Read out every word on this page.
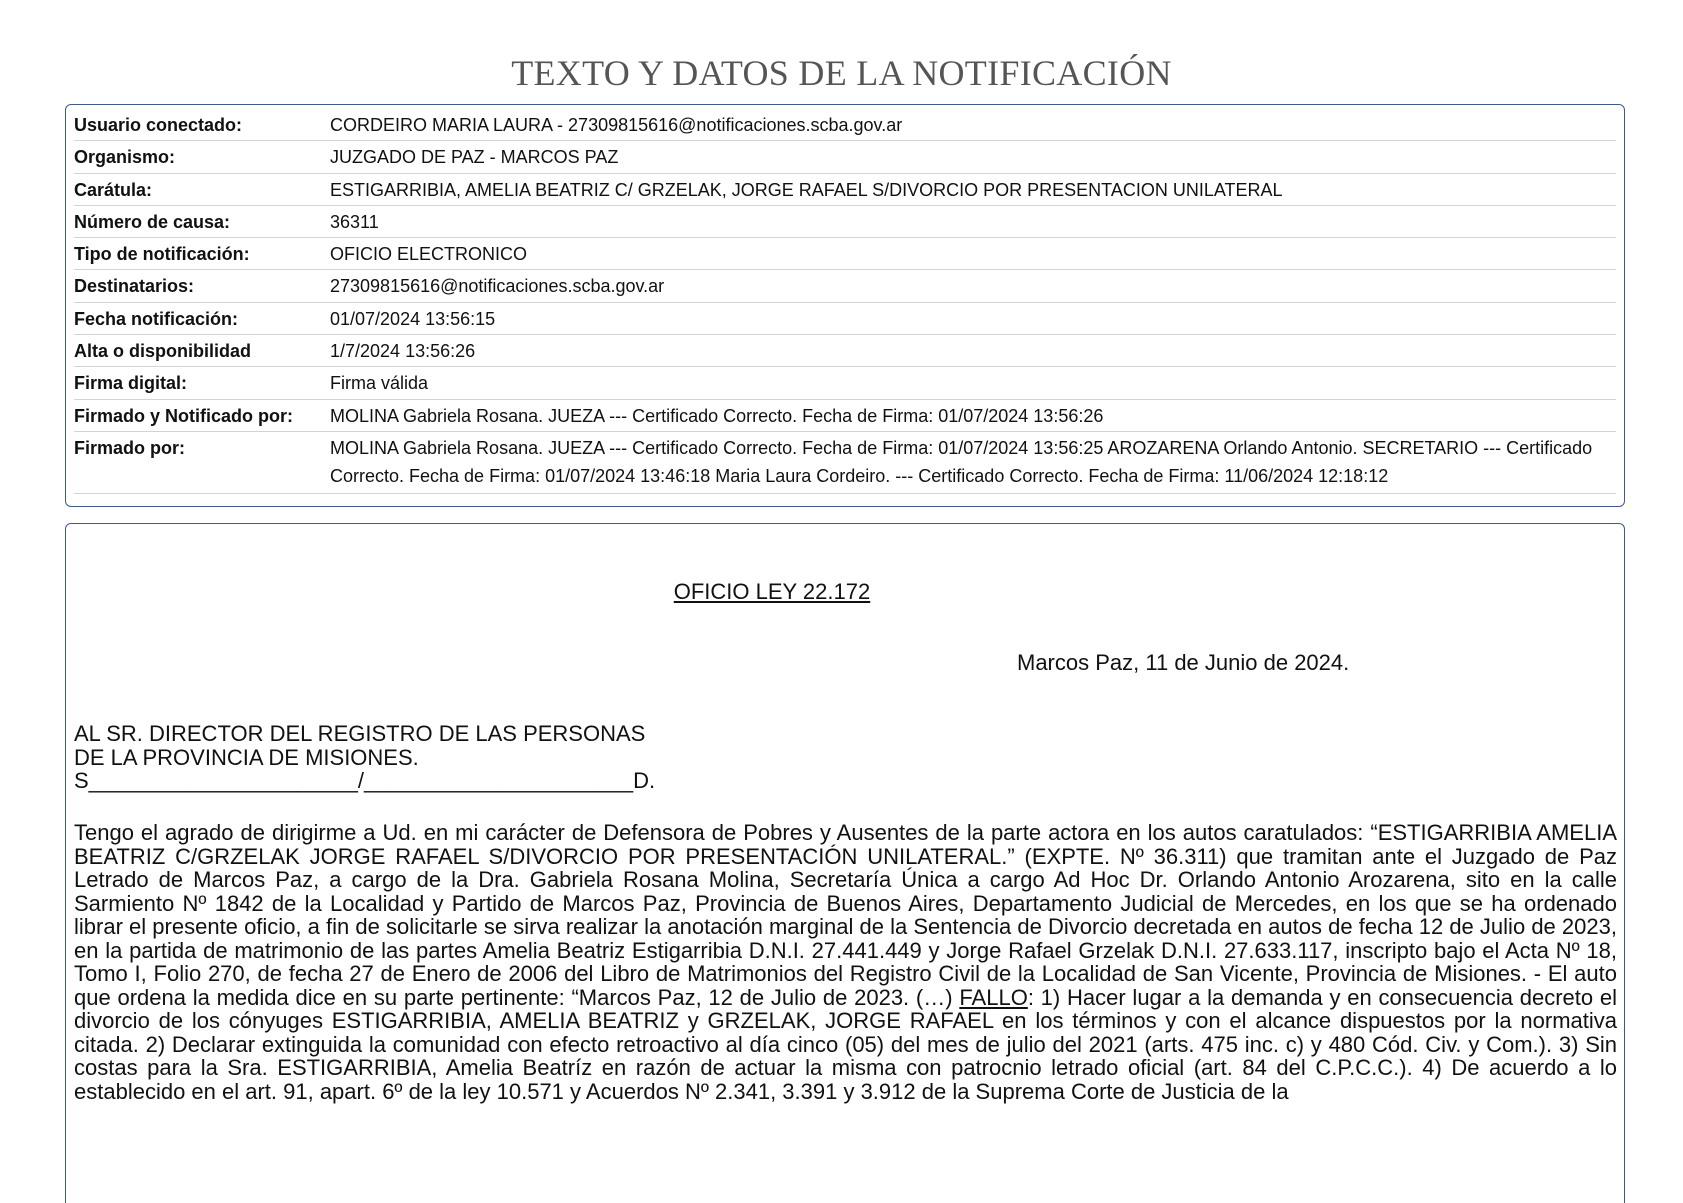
TEXTO Y DATOS DE LA NOTIFICACIÓN
Usuario conectado:	CORDEIRO MARIA LAURA - 27309815616@notificaciones.scba.gov.ar
Organismo:	JUZGADO DE PAZ - MARCOS PAZ
Carátula:	ESTIGARRIBIA, AMELIA BEATRIZ C/ GRZELAK, JORGE RAFAEL S/DIVORCIO POR PRESENTACION UNILATERAL
Número de causa:	36311
Tipo de notificación:	OFICIO ELECTRONICO
Destinatarios:	27309815616@notificaciones.scba.gov.ar
Fecha notificación:	01/07/2024 13:56:15
Alta o disponibilidad	1/7/2024 13:56:26
Firma digital:	Firma válida
Firmado y Notificado por:	MOLINA Gabriela Rosana. JUEZA --- Certificado Correcto. Fecha de Firma: 01/07/2024 13:56:26
Firmado por:	MOLINA Gabriela Rosana. JUEZA --- Certificado Correcto. Fecha de Firma: 01/07/2024 13:56:25 AROZARENA Orlando Antonio. SECRETARIO --- Certificado Correcto. Fecha de Firma: 01/07/2024 13:46:18 Maria Laura Cordeiro. --- Certificado Correcto. Fecha de Firma: 11/06/2024 12:18:12
OFICIO LEY 22.172
Marcos Paz, 11 de Junio de 2024.
AL SR. DIRECTOR DEL REGISTRO DE LAS PERSONAS
DE LA PROVINCIA DE MISIONES.
S______________________/______________________D.
Tengo el agrado de dirigirme a Ud. en mi carácter de Defensora de Pobres y Ausentes de la parte actora en los autos caratulados: “ESTIGARRIBIA AMELIA BEATRIZ C/GRZELAK JORGE RAFAEL S/DIVORCIO POR PRESENTACIÓN UNILATERAL.” (EXPTE. Nº 36.311) que tramitan ante el Juzgado de Paz Letrado de Marcos Paz, a cargo de la Dra. Gabriela Rosana Molina, Secretaría Única a cargo Ad Hoc Dr. Orlando Antonio Arozarena, sito en la calle Sarmiento Nº 1842 de la Localidad y Partido de Marcos Paz, Provincia de Buenos Aires, Departamento Judicial de Mercedes, en los que se ha ordenado librar el presente oficio, a fin de solicitarle se sirva realizar la anotación marginal de la Sentencia de Divorcio decretada en autos de fecha 12 de Julio de 2023, en la partida de matrimonio de las partes Amelia Beatriz Estigarribia D.N.I. 27.441.449 y Jorge Rafael Grzelak D.N.I. 27.633.117, inscripto bajo el Acta Nº 18, Tomo I, Folio 270, de fecha 27 de Enero de 2006 del Libro de Matrimonios del Registro Civil de la Localidad de San Vicente, Provincia de Misiones. - El auto que ordena la medida dice en su parte pertinente: “Marcos Paz, 12 de Julio de 2023. (…) FALLO: 1) Hacer lugar a la demanda y en consecuencia decreto el divorcio de los cónyuges ESTIGARRIBIA, AMELIA BEATRIZ y GRZELAK, JORGE RAFAEL en los términos y con el alcance dispuestos por la normativa citada. 2) Declarar extinguida la comunidad con efecto retroactivo al día cinco (05) del mes de julio del 2021 (arts. 475 inc. c) y 480 Cód. Civ. y Com.). 3) Sin costas para la Sra. ESTIGARRIBIA, Amelia Beatríz en razón de actuar la misma con patrocnio letrado oficial (art. 84 del C.P.C.C.). 4) De acuerdo a lo establecido en el art. 91, apart. 6º de la ley 10.571 y Acuerdos Nº 2.341, 3.391 y 3.912 de la Suprema Corte de Justicia de la
